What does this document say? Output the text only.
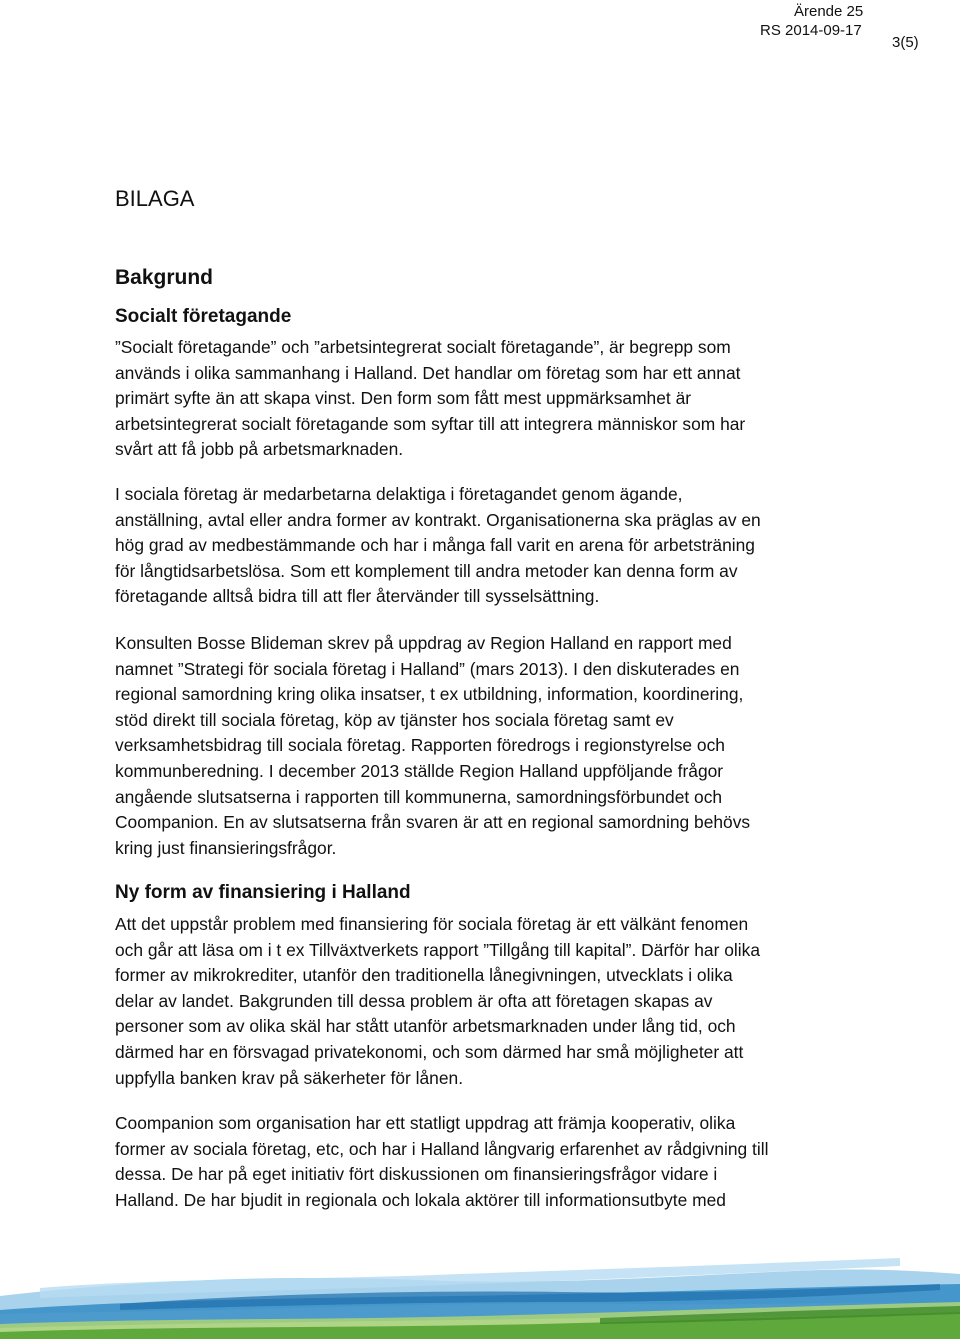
Ärende 25
RS 2014-09-17
3(5)
BILAGA
Bakgrund
Socialt företagande

”Socialt företagande” och ”arbetsintegrerat socialt företagande”, är begrepp som
används i olika sammanhang i Halland. Det handlar om företag som har ett annat
primärt syfte än att skapa vinst. Den form som fått mest uppmärksamhet är
arbetsintegrerat socialt företagande som syftar till att integrera människor som har
svårt att få jobb på arbetsmarknaden.

I sociala företag är medarbetarna delaktiga i företagandet genom ägande,
anställning, avtal eller andra former av kontrakt. Organisationerna ska präglas av en
hög grad av medbestämmande och har i många fall varit en arena för arbetsträning
för långtidsarbetslösa. Som ett komplement till andra metoder kan denna form av
företagande alltså bidra till att fler återvänder till sysselsättning.

Konsulten Bosse Blideman skrev på uppdrag av Region Halland en rapport med
namnet ”Strategi för sociala företag i Halland” (mars 2013). I den diskuterades en
regional samordning kring olika insatser, t ex utbildning, information, koordinering,
stöd direkt till sociala företag, köp av tjänster hos sociala företag samt ev
verksamhetsbidrag till sociala företag. Rapporten föredrogs i regionstyrelse och
kommunberedning. I december 2013 ställde Region Halland uppföljande frågor
angående slutsatserna i rapporten till kommunerna, samordningsförbundet och
Coompanion. En av slutsatserna från svaren är att en regional samordning behövs
kring just finansieringsfrågor.

Ny form av finansiering i Halland

Att det uppstår problem med finansiering för sociala företag är ett välkänt fenomen
och går att läsa om i t ex Tillväxtverkets rapport ”Tillgång till kapital”. Därför har olika
former av mikrokrediter, utanför den traditionella lånegivningen, utvecklats i olika
delar av landet. Bakgrunden till dessa problem är ofta att företagen skapas av
personer som av olika skäl har stått utanför arbetsmarknaden under lång tid, och
därmed har en försvagad privatekonomi, och som därmed har små möjligheter att
uppfylla banken krav på säkerheter för lånen.

Coompanion som organisation har ett statligt uppdrag att främja kooperativ, olika
former av sociala företag, etc, och har i Halland långvarig erfarenhet av rådgivning till
dessa. De har på eget initiativ fört diskussionen om finansieringsfrågor vidare i
Halland. De har bjudit in regionala och lokala aktörer till informationsutbyte med
